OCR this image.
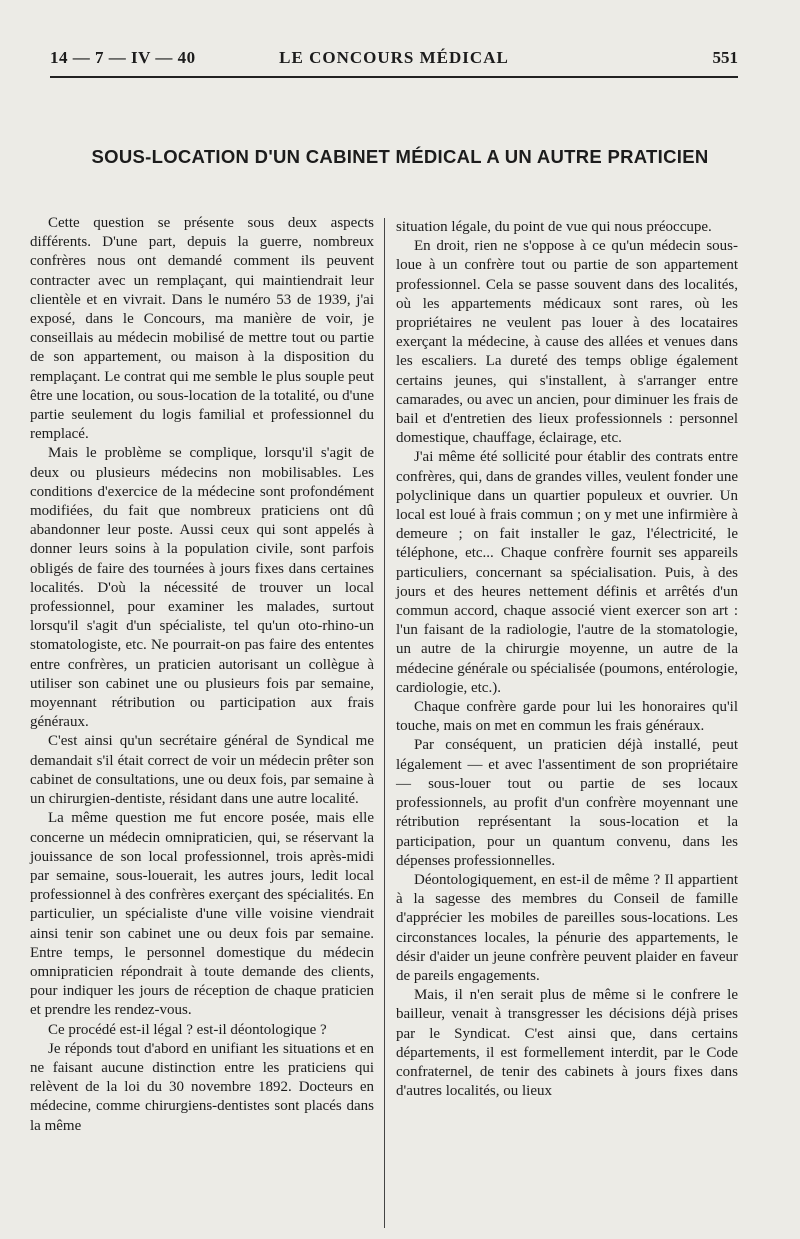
14 — 7 — IV — 40	LE CONCOURS MÉDICAL	551
SOUS-LOCATION D'UN CABINET MÉDICAL A UN AUTRE PRATICIEN

Cette question se présente sous deux aspects différents. D'une part, depuis la guerre, nombreux confrères nous ont demandé comment ils peuvent contracter avec un remplaçant, qui maintiendrait leur clientèle et en vivrait. Dans le numéro 53 de 1939, j'ai exposé, dans le Concours, ma manière de voir, je conseillais au médecin mobilisé de mettre tout ou partie de son appartement, ou maison à la disposition du remplaçant. Le contrat qui me semble le plus souple peut être une location, ou sous-location de la totalité, ou d'une partie seulement du logis familial et professionnel du remplacé.

Mais le problème se complique, lorsqu'il s'agit de deux ou plusieurs médecins non mobilisables. Les conditions d'exercice de la médecine sont profondément modifiées, du fait que nombreux praticiens ont dû abandonner leur poste. Aussi ceux qui sont appelés à donner leurs soins à la population civile, sont parfois obligés de faire des tournées à jours fixes dans certaines localités. D'où la nécessité de trouver un local professionnel, pour examiner les malades, surtout lorsqu'il s'agit d'un spécialiste, tel qu'un oto-rhino-un stomatologiste, etc. Ne pourrait-on pas faire des ententes entre confrères, un praticien autorisant un collègue à utiliser son cabinet une ou plusieurs fois par semaine, moyennant rétribution ou participation aux frais généraux.

C'est ainsi qu'un secrétaire général de Syndical me demandait s'il était correct de voir un médecin prêter son cabinet de consultations, une ou deux fois, par semaine à un chirurgien-dentiste, résidant dans une autre localité.

La même question me fut encore posée, mais elle concerne un médecin omnipraticien, qui, se réservant la jouissance de son local professionnel, trois après-midi par semaine, sous-louerait, les autres jours, ledit local professionnel à des confrères exerçant des spécialités. En particulier, un spécialiste d'une ville voisine viendrait ainsi tenir son cabinet une ou deux fois par semaine. Entre temps, le personnel domestique du médecin omnipraticien répondrait à toute demande des clients, pour indiquer les jours de réception de chaque praticien et prendre les rendez-vous.

Ce procédé est-il légal ? est-il déontologique ?

Je réponds tout d'abord en unifiant les situations et en ne faisant aucune distinction entre les praticiens qui relèvent de la loi du 30 novembre 1892. Docteurs en médecine, comme chirurgiens-dentistes sont placés dans la même

situation légale, du point de vue qui nous préoccupe.

En droit, rien ne s'oppose à ce qu'un médecin sous-loue à un confrère tout ou partie de son appartement professionnel. Cela se passe souvent dans des localités, où les appartements médicaux sont rares, où les propriétaires ne veulent pas louer à des locataires exerçant la médecine, à cause des allées et venues dans les escaliers. La dureté des temps oblige également certains jeunes, qui s'installent, à s'arranger entre camarades, ou avec un ancien, pour diminuer les frais de bail et d'entretien des lieux professionnels : personnel domestique, chauffage, éclairage, etc.

J'ai même été sollicité pour établir des contrats entre confrères, qui, dans de grandes villes, veulent fonder une polyclinique dans un quartier populeux et ouvrier. Un local est loué à frais commun ; on y met une infirmière à demeure ; on fait installer le gaz, l'électricité, le téléphone, etc... Chaque confrère fournit ses appareils particuliers, concernant sa spécialisation. Puis, à des jours et des heures nettement définis et arrêtés d'un commun accord, chaque associé vient exercer son art : l'un faisant de la radiologie, l'autre de la stomatologie, un autre de la chirurgie moyenne, un autre de la médecine générale ou spécialisée (poumons, entérologie, cardiologie, etc.).

Chaque confrère garde pour lui les honoraires qu'il touche, mais on met en commun les frais généraux.

Par conséquent, un praticien déjà installé, peut légalement — et avec l'assentiment de son propriétaire — sous-louer tout ou partie de ses locaux professionnels, au profit d'un confrère moyennant une rétribution représentant la sous-location et la participation, pour un quantum convenu, dans les dépenses professionnelles.

Déontologiquement, en est-il de même ? Il appartient à la sagesse des membres du Conseil de famille d'apprécier les mobiles de pareilles sous-locations. Les circonstances locales, la pénurie des appartements, le désir d'aider un jeune confrère peuvent plaider en faveur de pareils engagements.

Mais, il n'en serait plus de même si le confrere le bailleur, venait à transgresser les décisions déjà prises par le Syndicat. C'est ainsi que, dans certains départements, il est formellement interdit, par le Code confraternel, de tenir des cabinets à jours fixes dans d'autres localités, ou lieux
